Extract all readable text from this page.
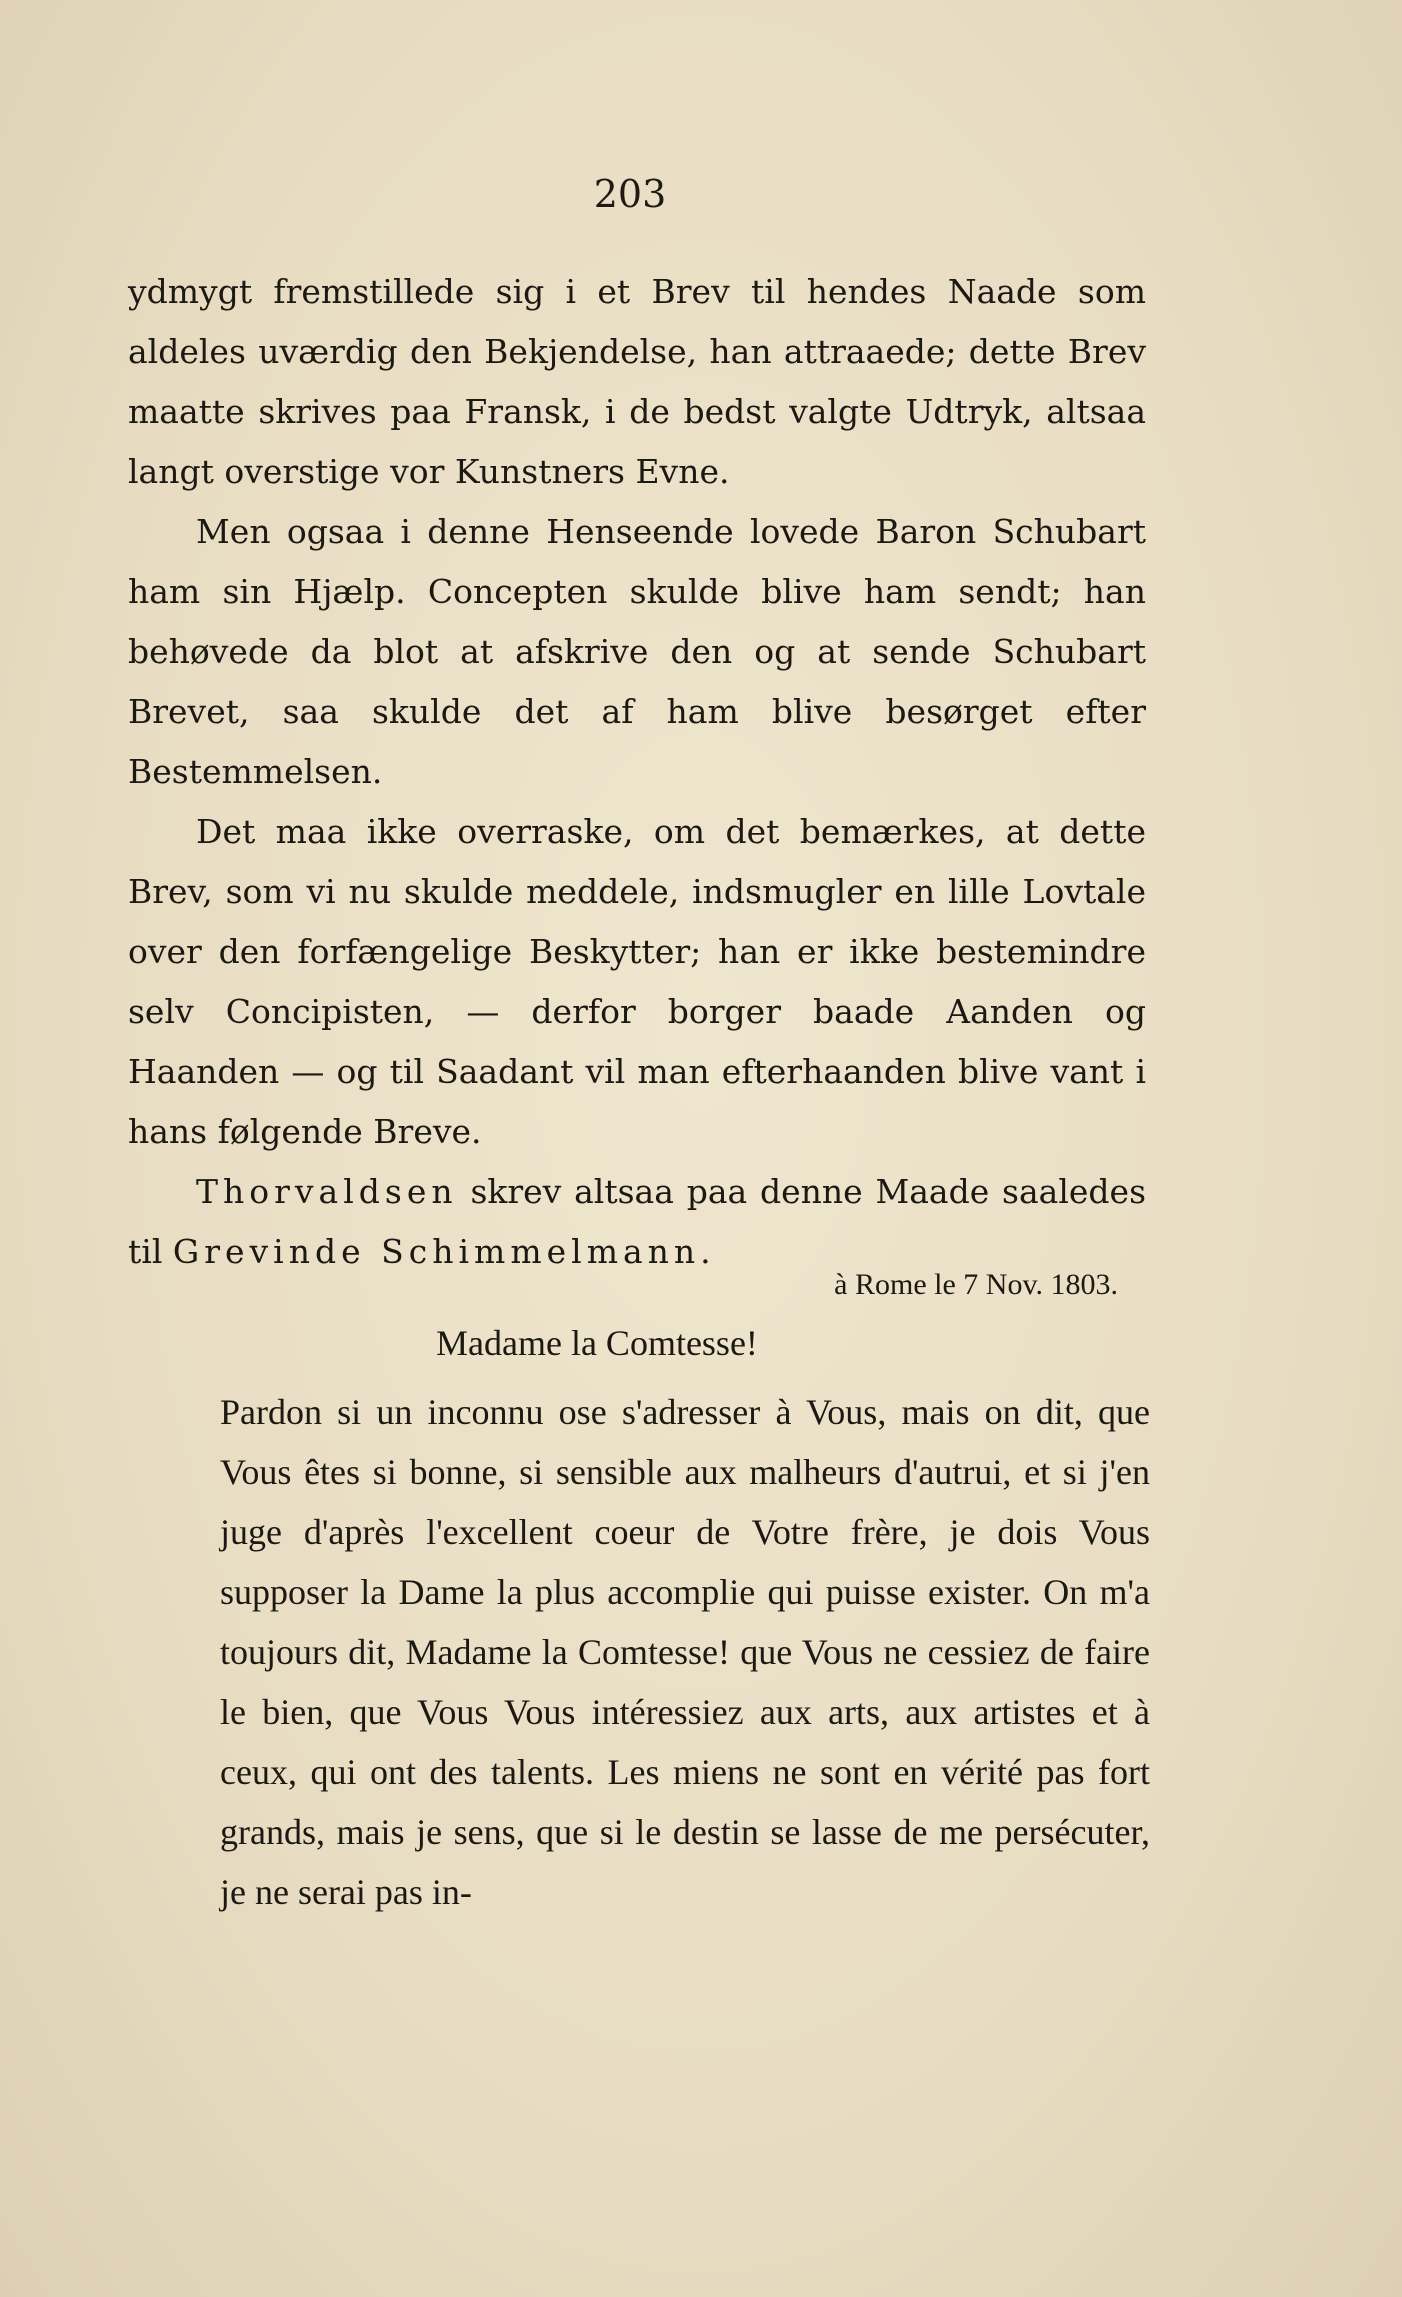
203

ydmygt fremstillede sig i et Brev til hendes Naade som aldeles uværdig den Bekjendelse, han attraaede; dette Brev maatte skrives paa Fransk, i de bedst valgte Udtryk, altsaa langt overstige vor Kunstners Evne.

Men ogsaa i denne Henseende lovede Baron Schubart ham sin Hjælp. Concepten skulde blive ham sendt; han behøvede da blot at afskrive den og at sende Schubart Brevet, saa skulde det af ham blive besørget efter Bestemmelsen.

Det maa ikke overraske, om det bemærkes, at dette Brev, som vi nu skulde meddele, indsmugler en lille Lovtale over den forfængelige Beskytter; han er ikke bestemindre selv Concipisten, — derfor borger baade Aanden og Haanden — og til Saadant vil man efterhaanden blive vant i hans følgende Breve.

Thorvaldsen skrev altsaa paa denne Maade saaledes til Grevinde Schimmelmann.

à Rome le 7 Nov. 1803.
Madame la Comtesse!
Pardon si un inconnu ose s'adresser à Vous, mais on dit, que Vous êtes si bonne, si sensible aux malheurs d'autrui, et si j'en juge d'après l'excellent coeur de Votre frère, je dois Vous supposer la Dame la plus accomplie qui puisse exister. On m'a toujours dit, Madame la Comtesse! que Vous ne cessiez de faire le bien, que Vous Vous intéressiez aux arts, aux artistes et à ceux, qui ont des talents. Les miens ne sont en vérité pas fort grands, mais je sens, que si le destin se lasse de me persécuter, je ne serai pas in-
